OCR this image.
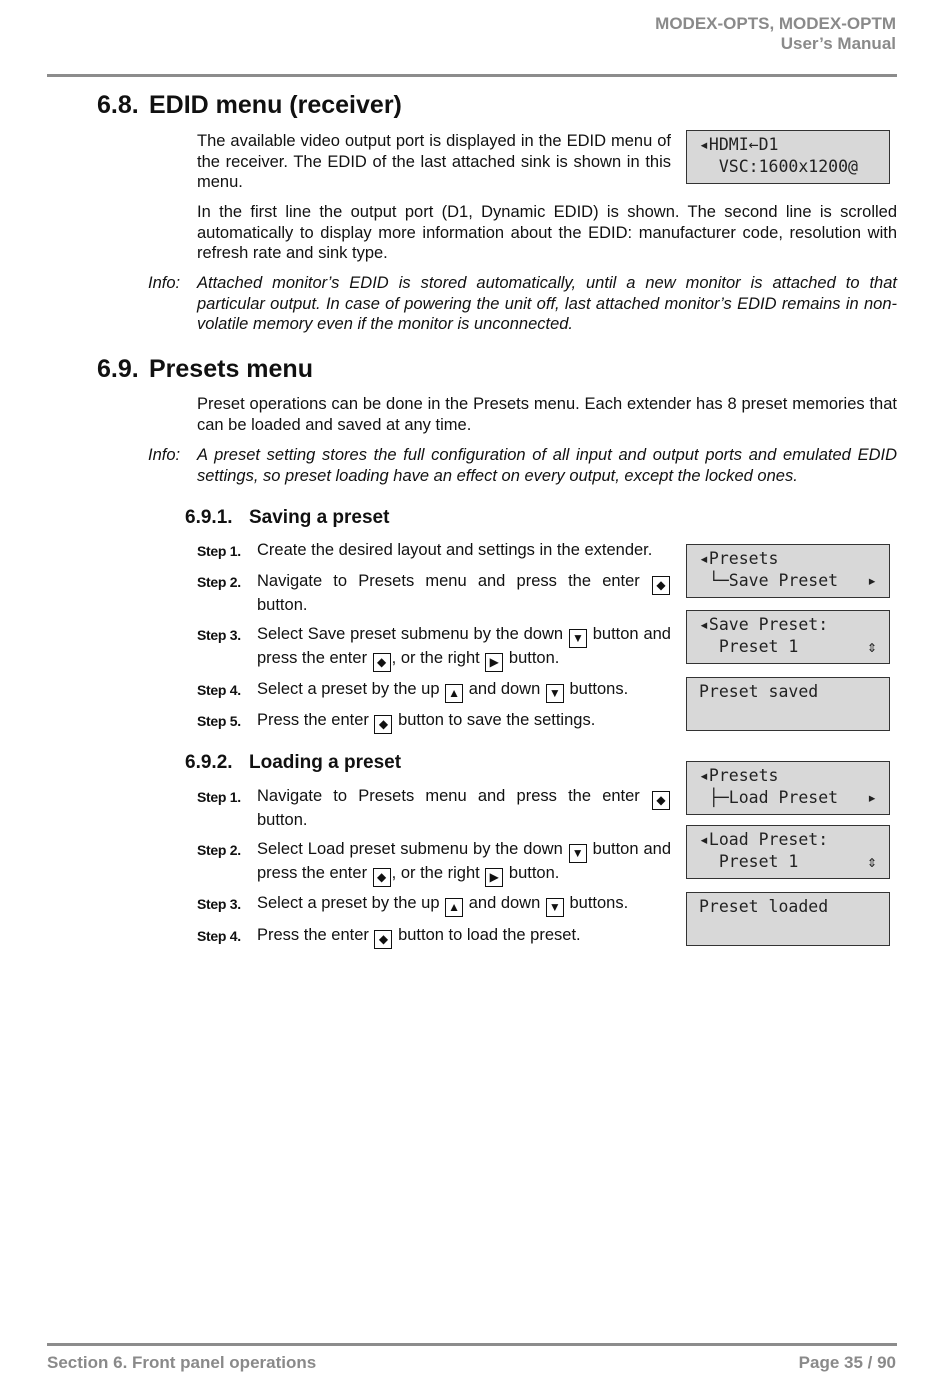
MODEX-OPTS, MODEX-OPTM
User’s Manual
6.8. EDID menu (receiver)
The available video output port is displayed in the EDID menu of the receiver. The EDID of the last attached sink is shown in this menu.
◂HDMI←D1
VSC:1600x1200@
In the first line the output port (D1, Dynamic EDID) is shown. The second line is scrolled automatically to display more information about the EDID: manufacturer code, resolution with refresh rate and sink type.
Info: Attached monitor’s EDID is stored automatically, until a new monitor is attached to that particular output. In case of powering the unit off, last attached monitor’s EDID remains in non-volatile memory even if the monitor is unconnected.
6.9. Presets menu
Preset operations can be done in the Presets menu. Each extender has 8 preset memories that can be loaded and saved at any time.
Info: A preset setting stores the full configuration of all input and output ports and emulated EDID settings, so preset loading have an effect on every output, except the locked ones.
6.9.1. Saving a preset
Step 1. Create the desired layout and settings in the extender.
Step 2. Navigate to Presets menu and press the enter ◆ button.
Step 3. Select Save preset submenu by the down ▼ button and press the enter ◆ , or the right ▶ button.
Step 4. Select a preset by the up ▲ and down ▼ buttons.
Step 5. Press the enter ◆ button to save the settings.
◂Presets
└─Save Preset ▸
◂Save Preset:
Preset 1	⇕
Preset saved
6.9.2. Loading a preset
Step 1. Navigate to Presets menu and press the enter ◆ button.
Step 2. Select Load preset submenu by the down ▼ button and press the enter ◆ , or the right ▶ button.
Step 3. Select a preset by the up ▲ and down ▼ buttons.
Step 4. Press the enter ◆ button to load the preset.
◂Presets
├─Load Preset ▸
◂Load Preset:
Preset 1	⇕
Preset loaded
Section 6. Front panel operations	Page 35 / 90
